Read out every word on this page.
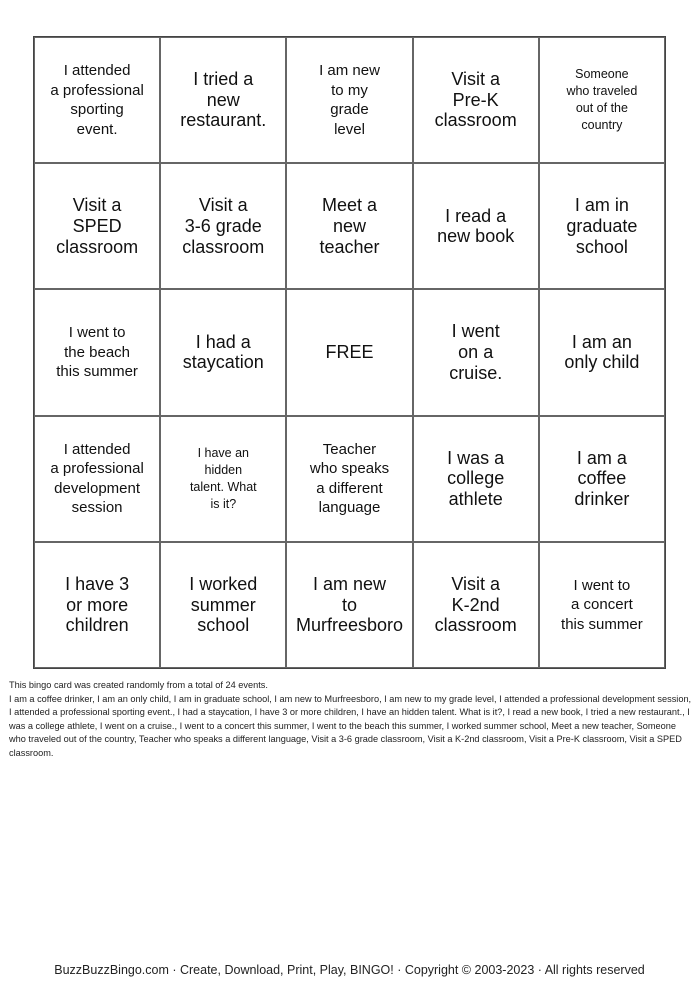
I attended
a professional
sporting
event.
I tried a
new
restaurant.
I am new
to my
grade
level
Visit a
Pre-K
classroom
Someone
who traveled
out of the
country
Visit a
SPED
classroom
Visit a
3-6 grade
classroom
Meet a
new
teacher
I read a
new book
I am in
graduate
school
I went to
the beach
this summer
I had a
staycation
FREE
I went
on a
cruise.
I am an
only child
I attended
a professional
development
session
I have an
hidden
talent. What
is it?
Teacher
who speaks
a different
language
I was a
college
athlete
I am a
coffee
drinker
I have 3
or more
children
I worked
summer
school
I am new
to
Murfreesboro
Visit a
K-2nd
classroom
I went to
a concert
this summer
This bingo card was created randomly from a total of 24 events.
I am a coffee drinker, I am an only child, I am in graduate school, I am new to Murfreesboro, I am new to my grade level, I attended a professional development session, I attended a professional sporting event., I had a staycation, I have 3 or more children, I have an hidden talent. What is it?, I read a new book, I tried a new restaurant., I was a college athlete, I went on a cruise., I went to a concert this summer, I went to the beach this summer, I worked summer school, Meet a new teacher, Someone who traveled out of the country, Teacher who speaks a different language, Visit a 3-6 grade classroom, Visit a K-2nd classroom, Visit a Pre-K classroom, Visit a SPED classroom.
BuzzBuzzBingo.com · Create, Download, Print, Play, BINGO! · Copyright © 2003-2023 · All rights reserved
